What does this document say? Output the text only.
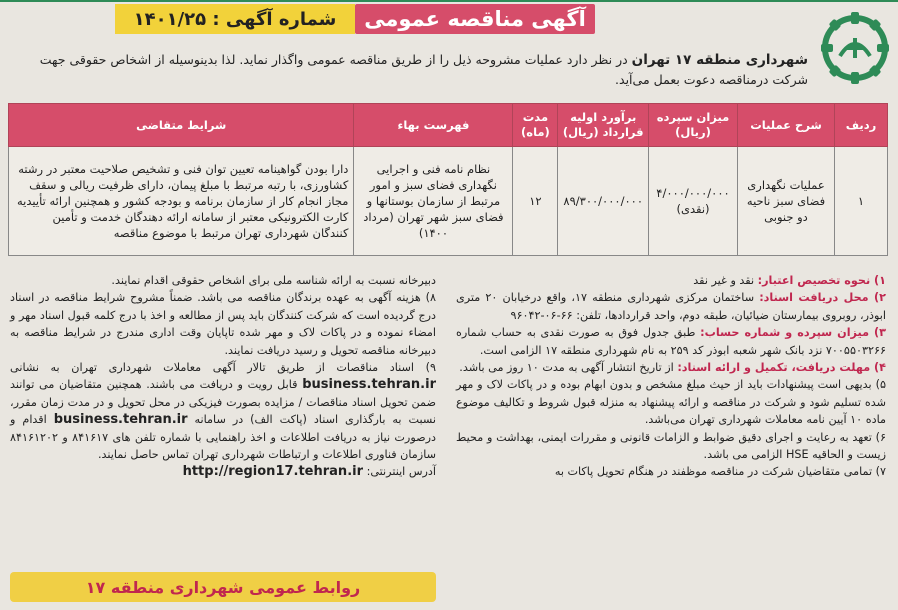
آگهی مناقصه عمومی
شماره آگهی : ۱۴۰۱/۲۵
شهرداری منطقه ۱۷ تهران در نظر دارد عملیات مشروحه ذیل را از طریق مناقصه عمومی واگذار نماید. لذا بدینوسیله از اشخاص حقوقی جهت شرکت درمناقصه دعوت بعمل می‌آید.
ردیف	شرح عملیات	میزان سپرده (ریال)	برآورد اولیه قرارداد (ریال)	مدت (ماه)	فهرست بهاء	شرایط متقاضی
۱	عملیات نگهداری فضای سبز ناحیه دو جنوبی	۴/۰۰۰/۰۰۰/۰۰۰ (نقدی)	۸۹/۳۰۰/۰۰۰/۰۰۰	۱۲	نظام نامه فنی و اجرایی نگهداری فضای سبز و امور مرتبط از سازمان بوستانها و فضای سبز شهر تهران (مرداد ۱۴۰۰)	دارا بودن گواهینامه تعیین توان فنی و تشخیص صلاحیت معتبر در رشته کشاورزی، با رتبه مرتبط با مبلغ پیمان، دارای ظرفیت ریالی و سقف مجاز انجام کار از سازمان برنامه و بودجه کشور و همچنین ارائه تأییدیه کارت الکترونیکی معتبر از سامانه ارائه دهندگان خدمت و تأمین کنندگان شهرداری تهران مرتبط با موضوع مناقصه
۱) نحوه تخصیص اعتبار: نقد و غیر نقد
۲) محل دریافت اسناد: ساختمان مرکزی شهرداری منطقه ۱۷، واقع درخیابان ۲۰ متری ابوذر، روبروی بیمارستان ضیائیان، طبقه دوم، واحد قراردادها، تلفن: ۶۶-۰۶-۹۶۰۴۲
۳) میزان سپرده و شماره حساب: طبق جدول فوق به صورت نقدی به حساب شماره ۷۰۰۵۵۰۳۲۶۶ نزد بانک شهر شعبه ابوذر کد ۲۵۹ به نام شهرداری منطقه ۱۷ الزامی است.
۴) مهلت دریافت، تکمیل و ارائه اسناد: از تاریخ انتشار آگهی به مدت ۱۰ روز می باشد.
۵) بدیهی است پیشنهادات باید از حیث مبلغ مشخص و بدون ابهام بوده و در پاکات لاک و مهر شده تسلیم شود و شرکت در مناقصه و ارائه پیشنهاد به منزله قبول شروط و تکالیف موضوع ماده ۱۰ آیین نامه معاملات شهرداری تهران می‌باشد.
۶) تعهد به رعایت و اجرای دقیق ضوابط و الزامات قانونی و مقررات ایمنی، بهداشت و محیط زیست و الحاقیه HSE الزامی می باشد.
۷) تمامی متقاضیان شرکت در مناقصه موظفند در هنگام تحویل پاکات به
دبیرخانه نسبت به ارائه شناسه ملی برای اشخاص حقوقی اقدام نمایند.
۸) هزینه آگهی به عهده برندگان مناقصه می باشد. ضمناً مشروح شرایط مناقصه در اسناد درج گردیده است که شرکت کنندگان باید پس از مطالعه و اخذ با درج کلمه قبول اسناد مهر و امضاء نموده و در پاکات لاک و مهر شده تاپایان وقت اداری مندرج در شرایط مناقصه به دبیرخانه مناقصه تحویل و رسید دریافت نمایند.
۹) اسناد مناقصات از طریق تالار آگهی معاملات شهرداری تهران به نشانی business.tehran.ir قابل رویت و دریافت می باشند. همچنین متقاضیان می توانند ضمن تحویل اسناد مناقصات / مزایده بصورت فیزیکی در محل تحویل و در مدت زمان مقرر، نسبت به بارگذاری اسناد (پاکت الف) در سامانه business.tehran.ir اقدام و درصورت نیاز به دریافت اطلاعات و اخذ راهنمایی با شماره تلفن های ۸۴۱۶۱۷ و ۸۴۱۶۱۲۰۲ سازمان فناوری اطلاعات و ارتباطات شهرداری تهران تماس حاصل نمایند.
آدرس اینترنتی: http://region17.tehran.ir
روابط عمومی شهرداری منطقه ۱۷
